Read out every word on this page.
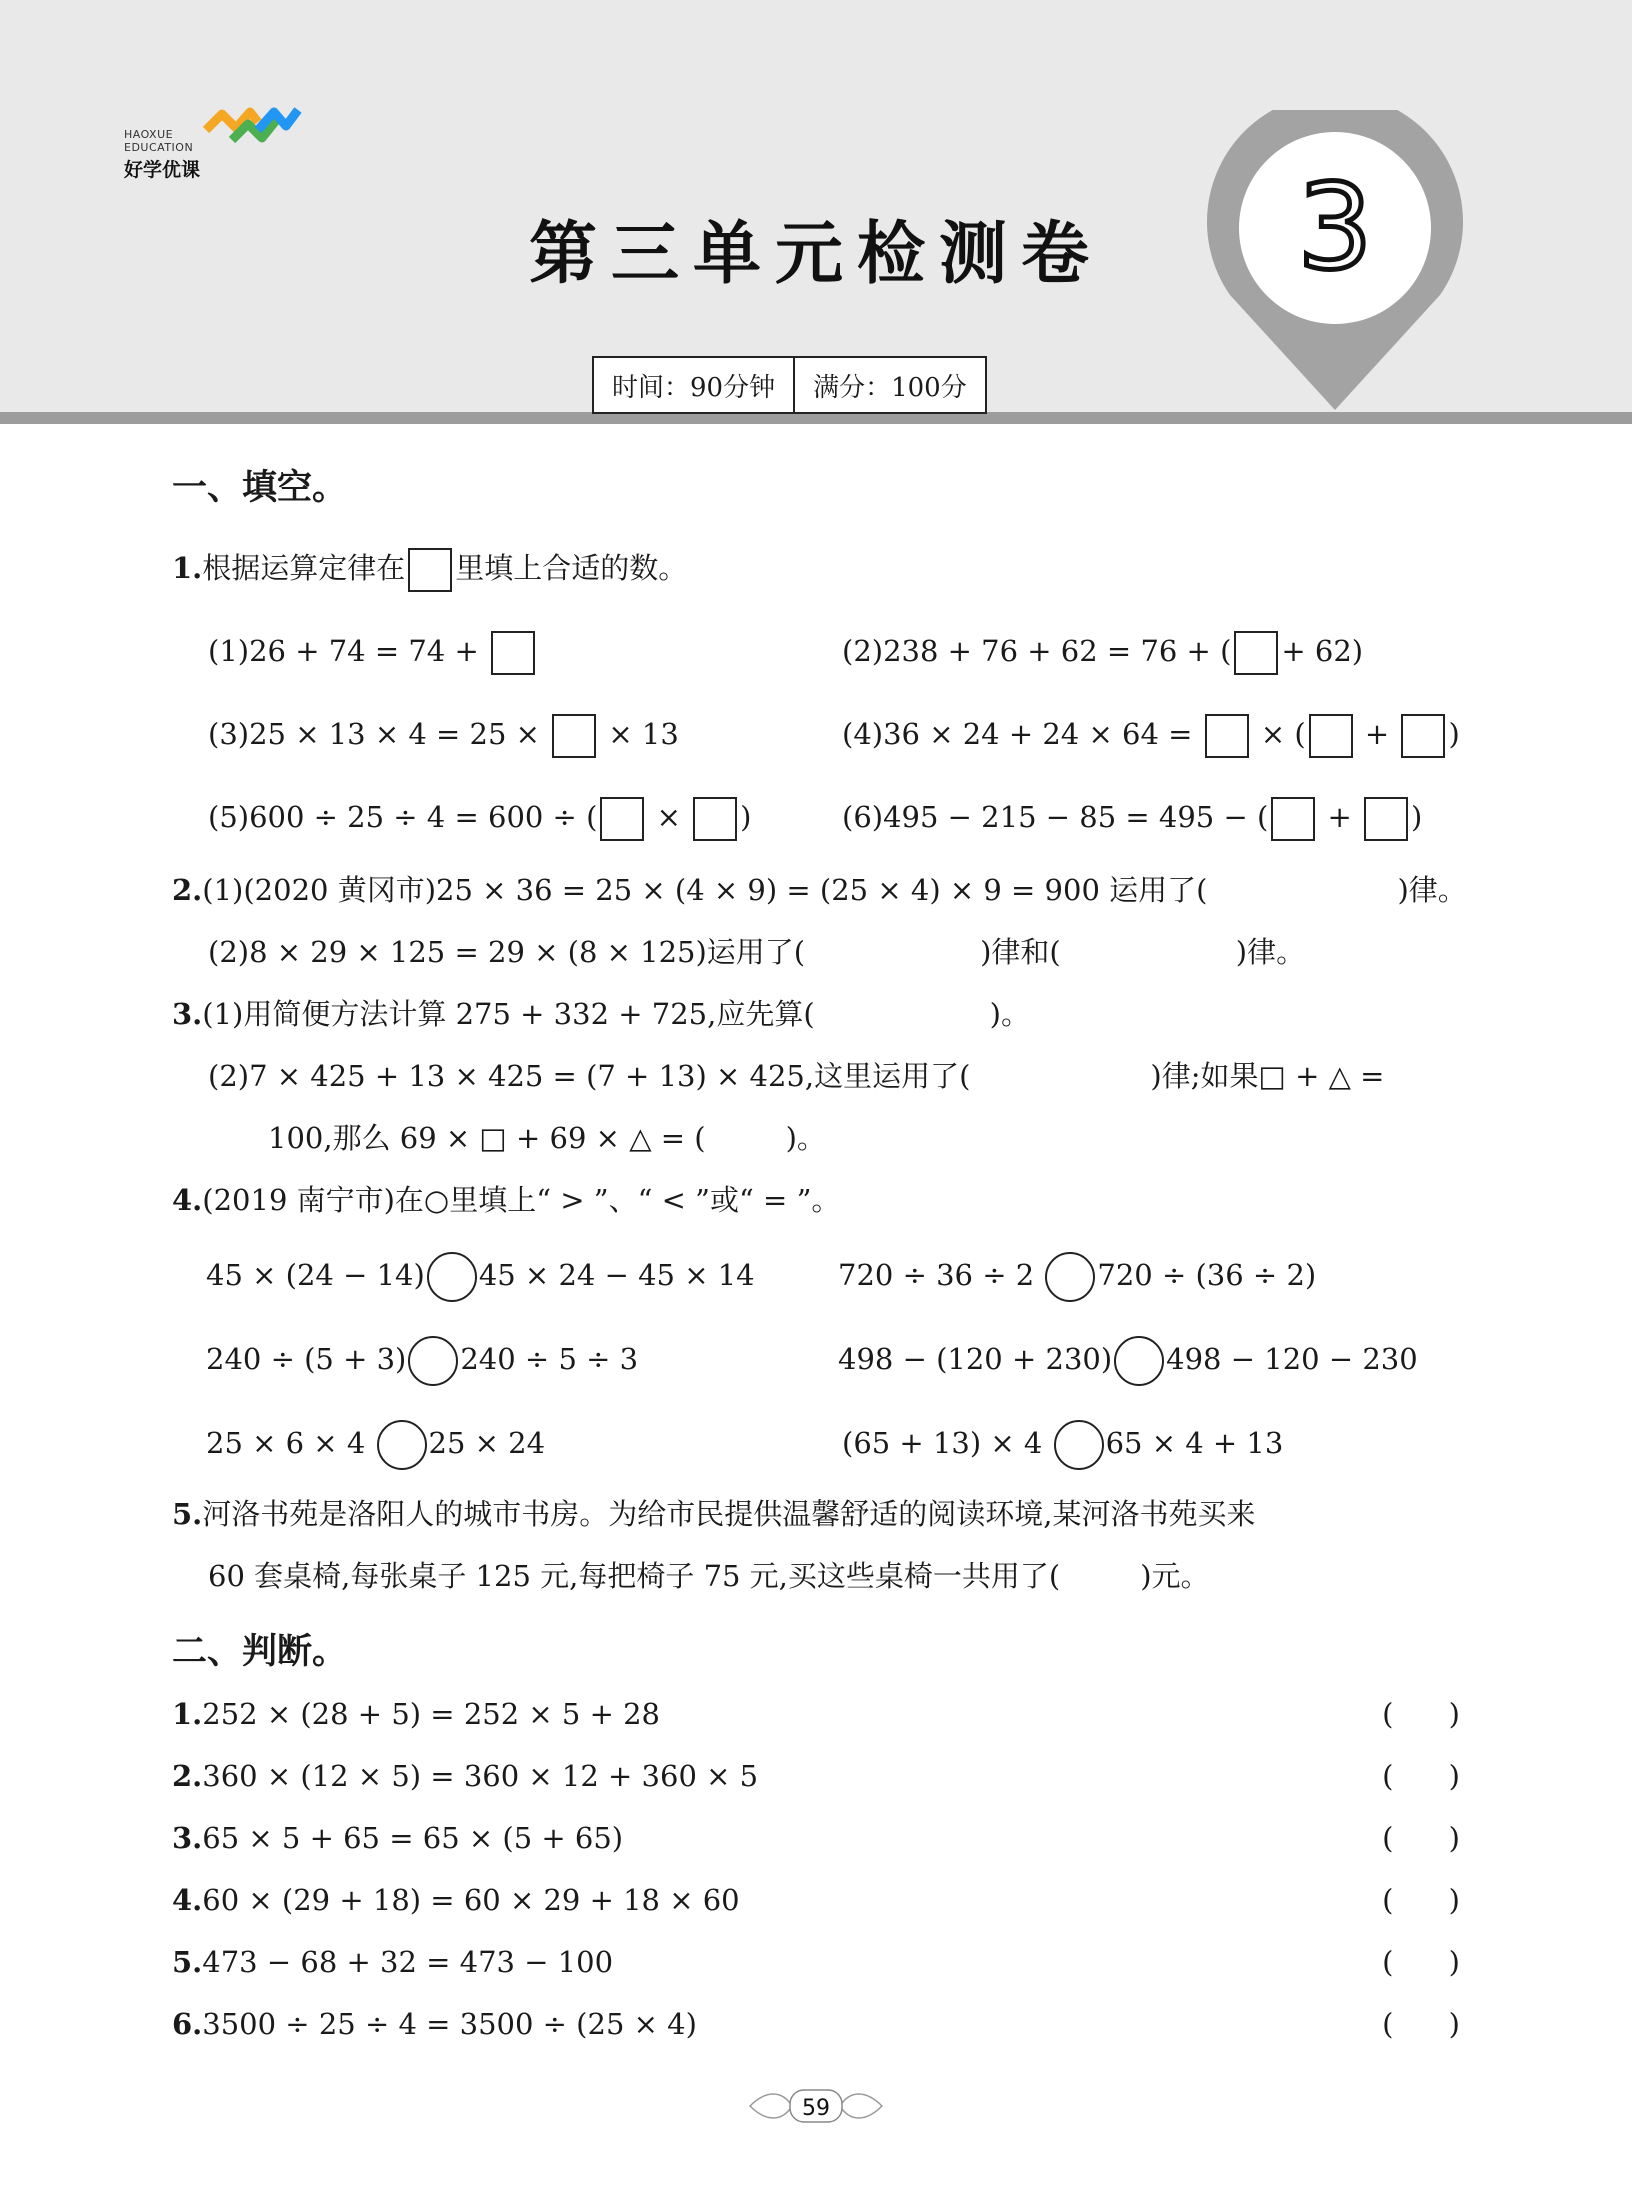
HAOXUE
EDUCATION
好学优课
第三单元检测卷	3
时间：90分钟	满分：100分
一、填空。
1.根据运算定律在 里填上合适的数。
(1)26 + 74 = 74 +	(2)238 + 76 + 62 = 76 + ( + 62)
(3)25 × 13 × 4 = 25 × × 13	(4)36 × 24 + 24 × 64 = × ( + )
(5)600 ÷ 25 ÷ 4 = 600 ÷ ( × )	(6)495 − 215 − 85 = 495 − ( + )
2.(1)(2020 黄冈市)25 × 36 = 25 × (4 × 9) = (25 × 4) × 9 = 900 运用了(	)律。
(2)8 × 29 × 125 = 29 × (8 × 125)运用了(	)律和(	)律。
3.(1)用简便方法计算 275 + 332 + 725,应先算(	)。
(2)7 × 425 + 13 × 425 = (7 + 13) × 425,这里运用了(	)律;如果□ + △ =
100,那么 69 × □ + 69 × △ = (	)。
4.(2019 南宁市)在○里填上“ > ”、“ < ”或“ = ”。
45 × (24 − 14) 45 × 24 − 45 × 14	720 ÷ 36 ÷ 2 720 ÷ (36 ÷ 2)
240 ÷ (5 + 3) 240 ÷ 5 ÷ 3	498 − (120 + 230) 498 − 120 − 230
25 × 6 × 4 25 × 24	(65 + 13) × 4 65 × 4 + 13
5.河洛书苑是洛阳人的城市书房。为给市民提供温馨舒适的阅读环境,某河洛书苑买来
60 套桌椅,每张桌子 125 元,每把椅子 75 元,买这些桌椅一共用了(	)元。
二、判断。
1.252 × (28 + 5) = 252 × 5 + 28	(      )
2.360 × (12 × 5) = 360 × 12 + 360 × 5	(      )
3.65 × 5 + 65 = 65 × (5 + 65)	(      )
4.60 × (29 + 18) = 60 × 29 + 18 × 60	(      )
5.473 − 68 + 32 = 473 − 100	(      )
6.3500 ÷ 25 ÷ 4 = 3500 ÷ (25 × 4)	(      )
59
